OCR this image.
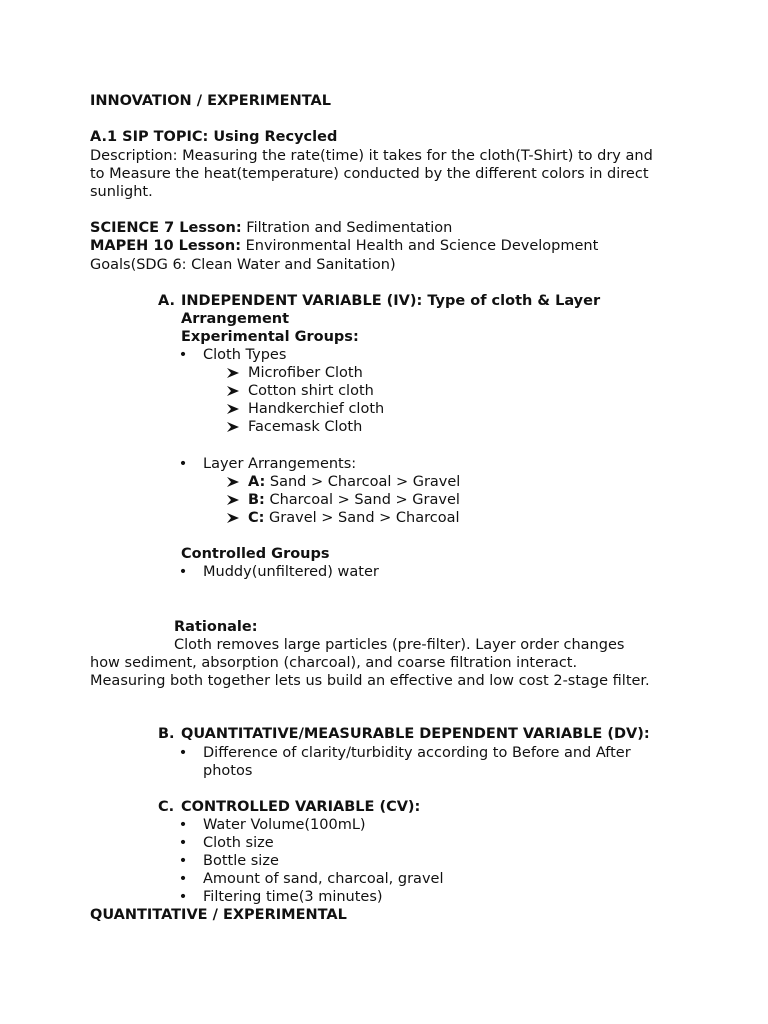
INNOVATION / EXPERIMENTAL
A.1 SIP TOPIC: Using Recycled
Description: Measuring the rate(time) it takes for the cloth(T-Shirt) to dry and
to Measure the heat(temperature) conducted by the different colors in direct
sunlight.
SCIENCE 7 Lesson: Filtration and Sedimentation
MAPEH 10 Lesson: Environmental Health and Science Development
Goals(SDG 6: Clean Water and Sanitation)
A. INDEPENDENT VARIABLE (IV): Type of cloth & Layer
Arrangement
Experimental Groups:
• Cloth Types
Microfiber Cloth
Cotton shirt cloth
Handkerchief cloth
Facemask Cloth
• Layer Arrangements:
A: Sand > Charcoal > Gravel
B: Charcoal > Sand > Gravel
C: Gravel > Sand > Charcoal
Controlled Groups
• Muddy(unfiltered) water
Rationale:
Cloth removes large particles (pre-filter). Layer order changes
how sediment, absorption (charcoal), and coarse filtration interact.
Measuring both together lets us build an effective and low cost 2-stage filter.
B. QUANTITATIVE/MEASURABLE DEPENDENT VARIABLE (DV):
• Difference of clarity/turbidity according to Before and After
photos
C. CONTROLLED VARIABLE (CV):
• Water Volume(100mL)
• Cloth size
• Bottle size
• Amount of sand, charcoal, gravel
• Filtering time(3 minutes)
QUANTITATIVE / EXPERIMENTAL
